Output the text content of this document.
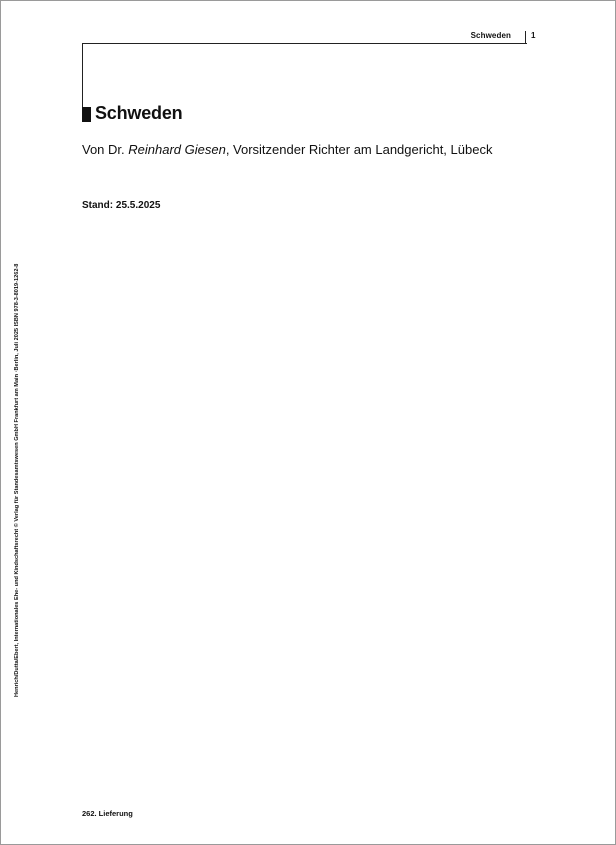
Schweden	1
Schweden
Von Dr. Reinhard Giesen, Vorsitzender Richter am Landgericht, Lübeck
Stand: 25.5.2025
Henrich/Dutta/Ebert, Internationales Ehe- und Kindschaftsrecht © Verlag für Standesamtswesen GmbH Frankfurt am Main ·Berlin, Juli 2025 ISBN 978-3-8019-1262-8
262. Lieferung
